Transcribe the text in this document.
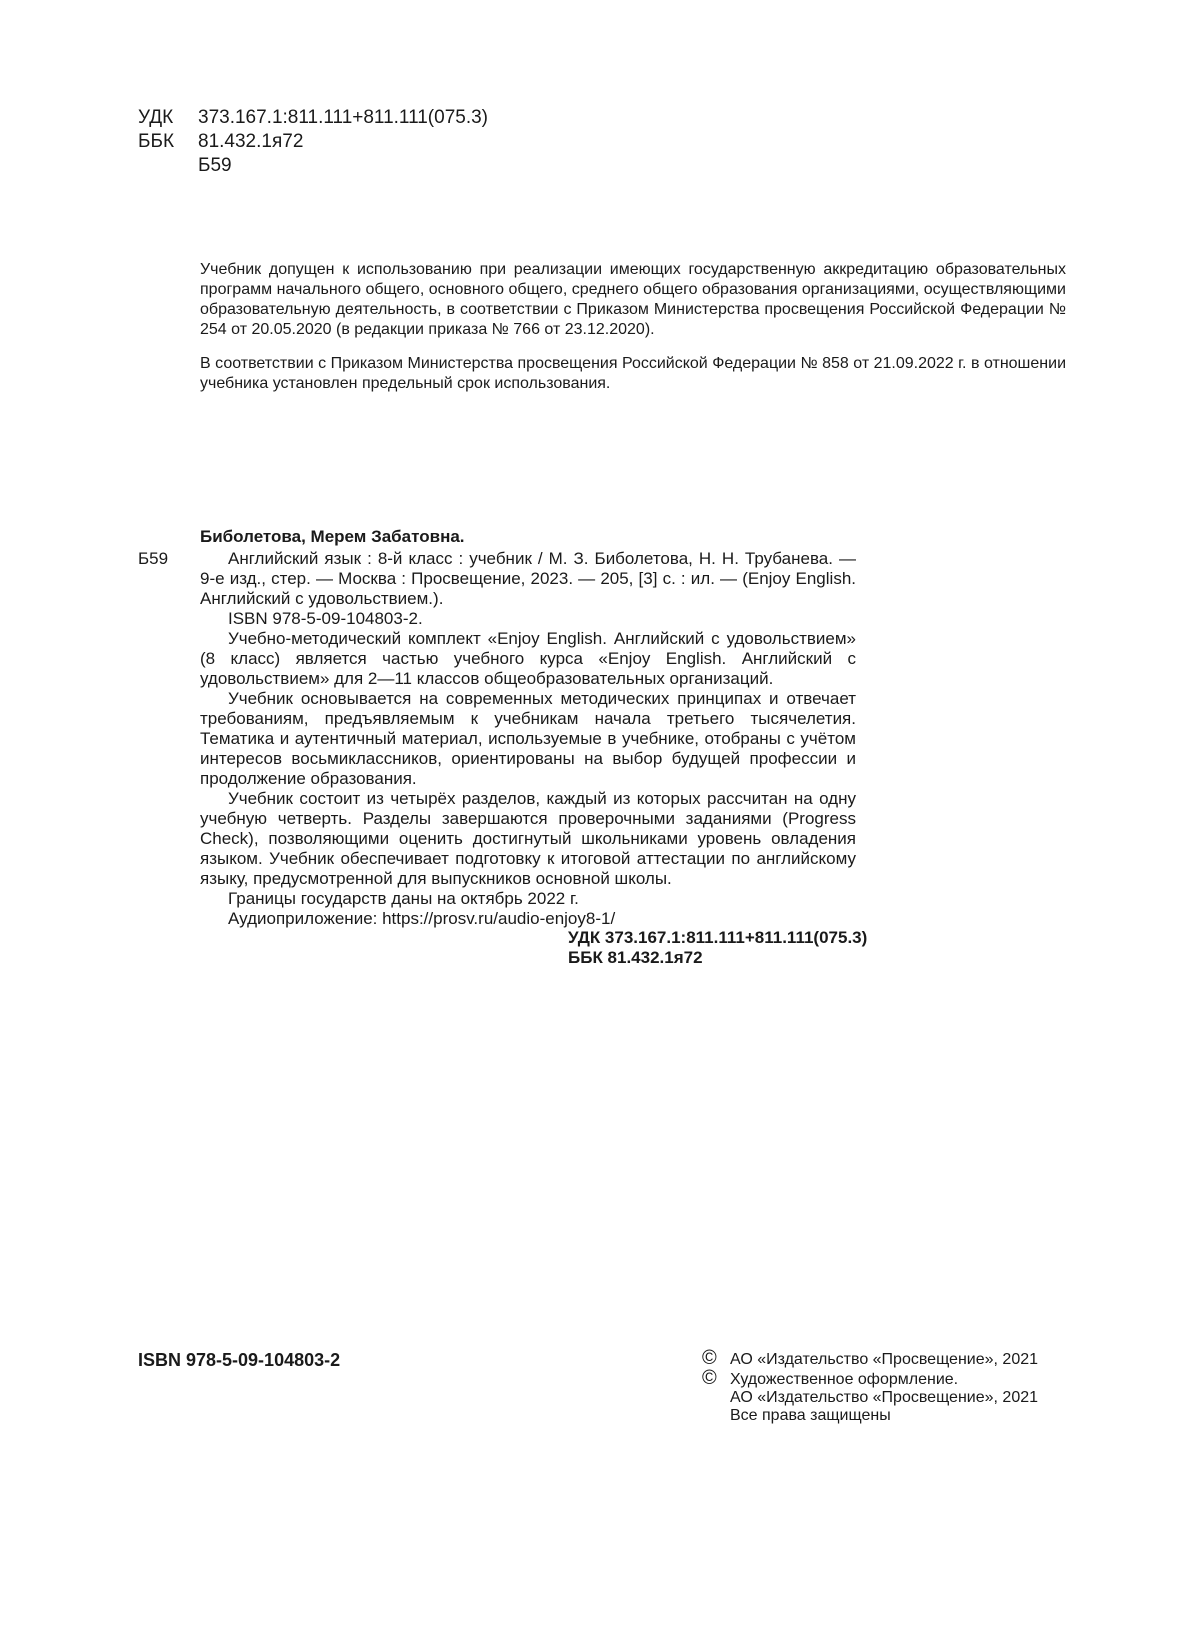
УДК 373.167.1:811.111+811.111(075.3)
ББК 81.432.1я72
Б59

Учебник допущен к использованию при реализации имеющих государственную аккредитацию образовательных программ начального общего, основного общего, среднего общего образования организациями, осуществляющими образовательную деятельность, в соответствии с Приказом Министерства просвещения Российской Федерации № 254 от 20.05.2020 (в редакции приказа № 766 от 23.12.2020).

В соответствии с Приказом Министерства просвещения Российской Федерации № 858 от 21.09.2022 г. в отношении учебника установлен предельный срок использования.

Биболетова, Мерем Забатовна.
Б59	Английский язык : 8-й класс : учебник / М. З. Биболетова, Н. Н. Трубанева. — 9-е изд., стер. — Москва : Просвещение, 2023. — 205, [3] с. : ил. — (Enjoy English. Английский с удовольствием.).

ISBN 978-5-09-104803-2.

Учебно-методический комплект «Enjoy English. Английский с удовольствием» (8 класс) является частью учебного курса «Enjoy English. Английский с удовольствием» для 2—11 классов общеобразовательных организаций.

Учебник основывается на современных методических принципах и отвечает требованиям, предъявляемым к учебникам начала третьего тысячелетия. Тематика и аутентичный материал, используемые в учебнике, отобраны с учётом интересов восьмиклассников, ориентированы на выбор будущей профессии и продолжение образования.

Учебник состоит из четырёх разделов, каждый из которых рассчитан на одну учебную четверть. Разделы завершаются проверочными заданиями (Progress Check), позволяющими оценить достигнутый школьниками уровень овладения языком. Учебник обеспечивает подготовку к итоговой аттестации по английскому языку, предусмотренной для выпускников основной школы.

Границы государств даны на октябрь 2022 г.

Аудиоприложение: https://prosv.ru/audio-enjoy8-1/

УДК 373.167.1:811.111+811.111(075.3)
ББК 81.432.1я72
ISBN 978-5-09-104803-2	© АО «Издательство «Просвещение», 2021
© Художественное оформление.
АО «Издательство «Просвещение», 2021
Все права защищены
